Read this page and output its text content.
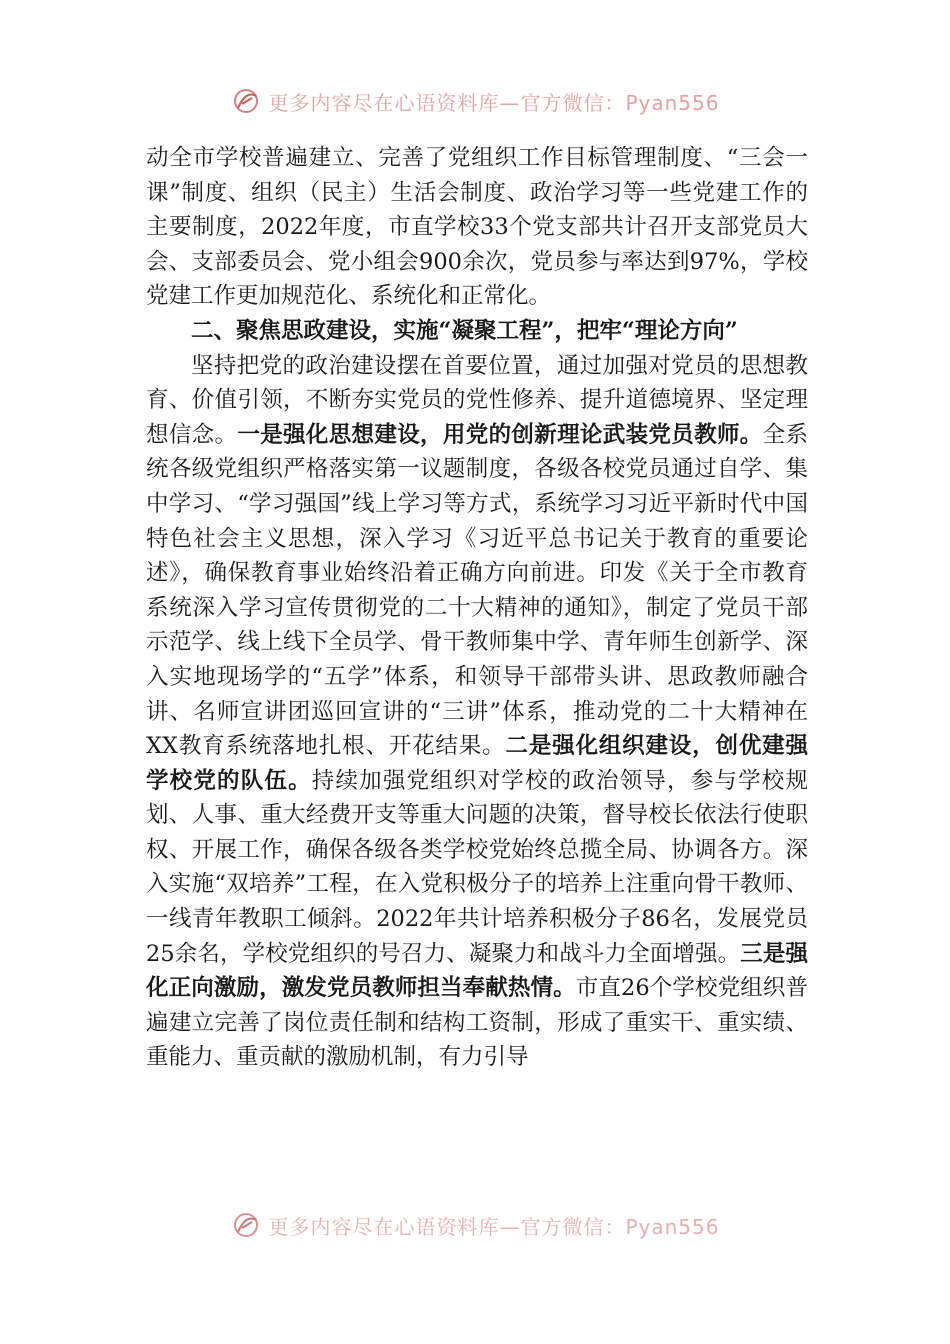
更多内容尽在心语资料库—官方微信：Pyan556

动全市学校普遍建立、完善了党组织工作目标管理制度、“三会一课”制度、组织（民主）生活会制度、政治学习等一些党建工作的主要制度，2022年度，市直学校33个党支部共计召开支部党员大会、支部委员会、党小组会900余次，党员参与率达到97%，学校党建工作更加规范化、系统化和正常化。

二、聚焦思政建设，实施“凝聚工程”，把牢“理论方向”

坚持把党的政治建设摆在首要位置，通过加强对党员的思想教育、价值引领，不断夯实党员的党性修养、提升道德境界、坚定理想信念。一是强化思想建设，用党的创新理论武装党员教师。全系统各级党组织严格落实第一议题制度，各级各校党员通过自学、集中学习、“学习强国”线上学习等方式，系统学习习近平新时代中国特色社会主义思想，深入学习《习近平总书记关于教育的重要论述》，确保教育事业始终沿着正确方向前进。印发《关于全市教育系统深入学习宣传贯彻党的二十大精神的通知》，制定了党员干部示范学、线上线下全员学、骨干教师集中学、青年师生创新学、深入实地现场学的“五学”体系，和领导干部带头讲、思政教师融合讲、名师宣讲团巡回宣讲的“三讲”体系，推动党的二十大精神在XX教育系统落地扎根、开花结果。二是强化组织建设，创优建强学校党的队伍。持续加强党组织对学校的政治领导，参与学校规划、人事、重大经费开支等重大问题的决策，督导校长依法行使职权、开展工作，确保各级各类学校党始终总揽全局、协调各方。深入实施“双培养”工程，在入党积极分子的培养上注重向骨干教师、一线青年教职工倾斜。2022年共计培养积极分子86名，发展党员25余名，学校党组织的号召力、凝聚力和战斗力全面增强。三是强化正向激励，激发党员教师担当奉献热情。市直26个学校党组织普遍建立完善了岗位责任制和结构工资制，形成了重实干、重实绩、重能力、重贡献的激励机制，有力引导

更多内容尽在心语资料库—官方微信：Pyan556
